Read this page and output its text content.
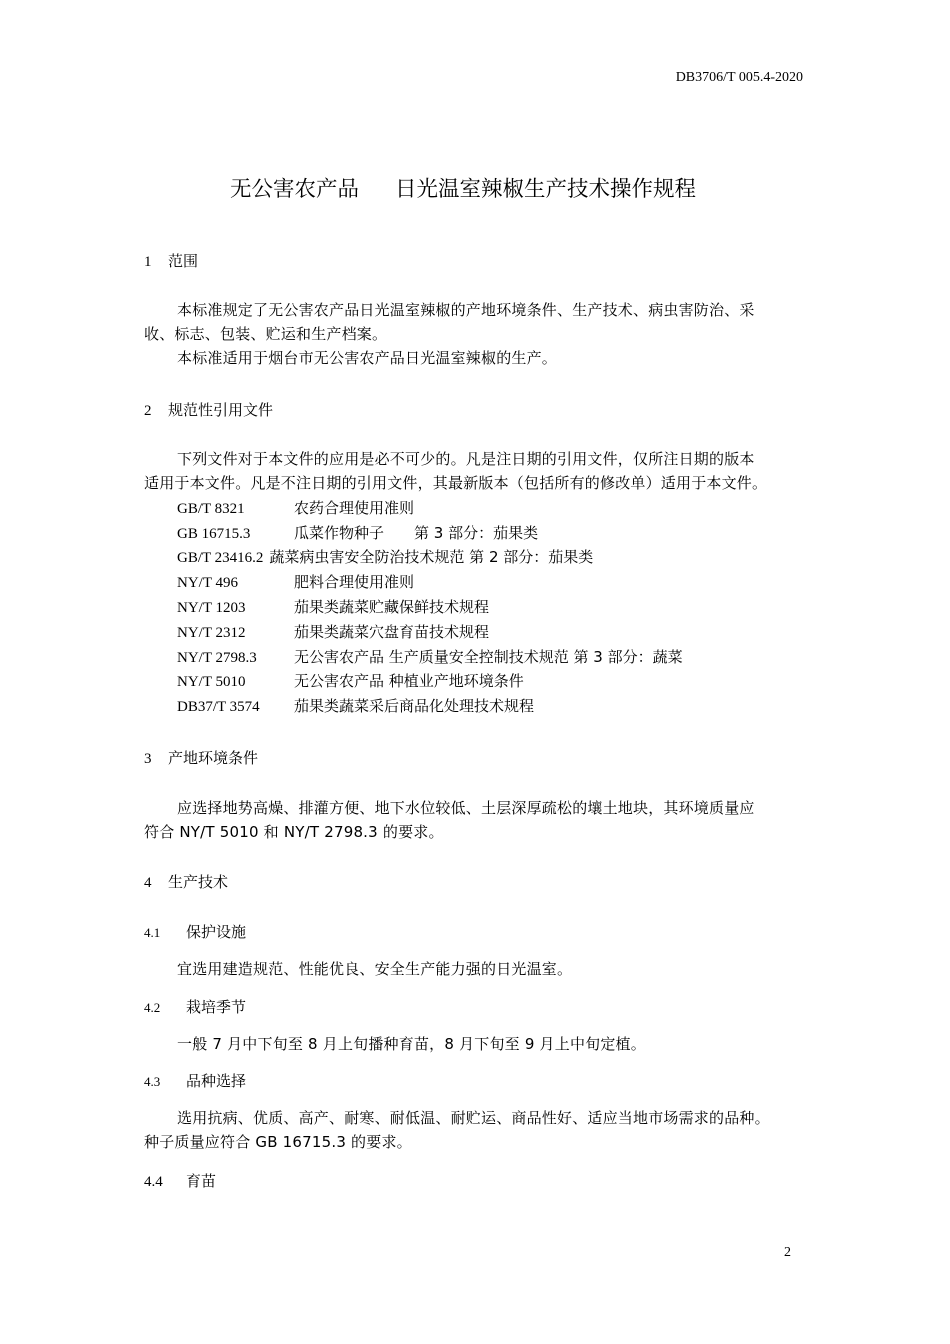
DB3706/T 005.4-2020
无公害农产品 日光温室辣椒生产技术操作规程
1 范围
本标准规定了无公害农产品日光温室辣椒的产地环境条件、生产技术、病虫害防治、采
收、标志、包装、贮运和生产档案。
本标准适用于烟台市无公害农产品日光温室辣椒的生产。
2 规范性引用文件
下列文件对于本文件的应用是必不可少的。凡是注日期的引用文件，仅所注日期的版本
适用于本文件。凡是不注日期的引用文件，其最新版本（包括所有的修改单）适用于本文件。
GB/T 8321	农药合理使用准则
GB 16715.3	瓜菜作物种子　　第 3 部分：茄果类
GB/T 23416.2 蔬菜病虫害安全防治技术规范 第 2 部分：茄果类
NY/T 496	肥料合理使用准则
NY/T 1203	茄果类蔬菜贮藏保鲜技术规程
NY/T 2312	茄果类蔬菜穴盘育苗技术规程
NY/T 2798.3 无公害农产品 生产质量安全控制技术规范 第 3 部分：蔬菜
NY/T 5010	无公害农产品 种植业产地环境条件
DB37/T 3574 茄果类蔬菜采后商品化处理技术规程
3 产地环境条件
应选择地势高燥、排灌方便、地下水位较低、土层深厚疏松的壤土地块，其环境质量应
符合 NY/T 5010 和 NY/T 2798.3 的要求。
4 生产技术
4.1 保护设施
宜选用建造规范、性能优良、安全生产能力强的日光温室。
4.2 栽培季节
一般 7 月中下旬至 8 月上旬播种育苗，8 月下旬至 9 月上中旬定植。
4.3 品种选择
选用抗病、优质、高产、耐寒、耐低温、耐贮运、商品性好、适应当地市场需求的品种。
种子质量应符合 GB 16715.3 的要求。
4.4 育苗
2
